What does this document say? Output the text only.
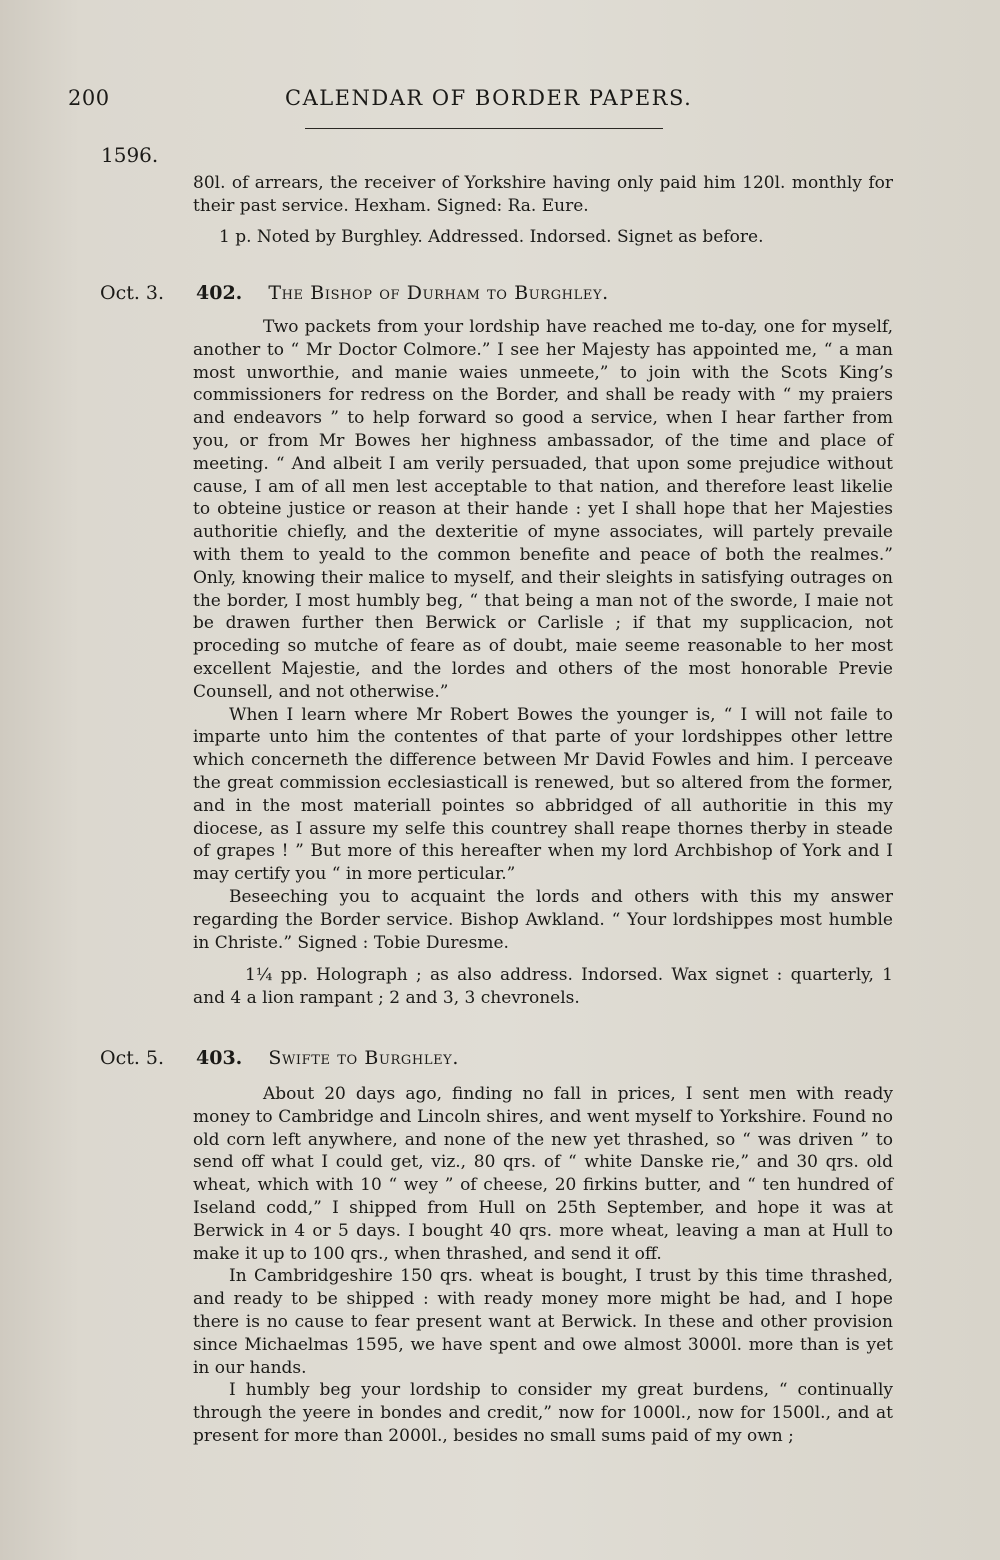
200	CALENDAR OF BORDER PAPERS.
1596.

80l. of arrears, the receiver of Yorkshire having only paid him 120l. monthly for their past service. Hexham. Signed: Ra. Eure.

1 p. Noted by Burghley. Addressed. Indorsed. Signet as before.

Oct. 3. 402. The Bishop of Durham to Burghley.

Two packets from your lordship have reached me to-day, one for myself, another to “ Mr Doctor Colmore.” I see her Majesty has appointed me, “ a man most unworthie, and manie waies unmeete,” to join with the Scots King’s commissioners for redress on the Border, and shall be ready with “ my praiers and endeavors ” to help forward so good a service, when I hear farther from you, or from Mr Bowes her highness ambassador, of the time and place of meeting. “ And albeit I am verily persuaded, that upon some prejudice without cause, I am of all men lest acceptable to that nation, and therefore least likelie to obteine justice or reason at their hande : yet I shall hope that her Majesties authoritie chiefly, and the dexteritie of myne associates, will partely prevaile with them to yeald to the common benefite and peace of both the realmes.” Only, knowing their malice to myself, and their sleights in satisfying outrages on the border, I most humbly beg, “ that being a man not of the sworde, I maie not be drawen further then Berwick or Carlisle ; if that my supplicacion, not proceding so mutche of feare as of doubt, maie seeme reasonable to her most excellent Majestie, and the lordes and others of the most honorable Previe Counsell, and not otherwise.”

When I learn where Mr Robert Bowes the younger is, “ I will not faile to imparte unto him the contentes of that parte of your lordshippes other lettre which concerneth the difference between Mr David Fowles and him. I perceave the great commission ecclesiasticall is renewed, but so altered from the former, and in the most materiall pointes so abbridged of all authoritie in this my diocese, as I assure my selfe this countrey shall reape thornes therby in steade of grapes ! ” But more of this hereafter when my lord Archbishop of York and I may certify you “ in more perticular.”

Beseeching you to acquaint the lords and others with this my answer regarding the Border service. Bishop Awkland. “ Your lordshippes most humble in Christe.” Signed : Tobie Duresme.

1¼ pp. Holograph ; as also address. Indorsed. Wax signet : quarterly, 1 and 4 a lion rampant ; 2 and 3, 3 chevronels.

Oct. 5. 403. Swifte to Burghley.

About 20 days ago, finding no fall in prices, I sent men with ready money to Cambridge and Lincoln shires, and went myself to Yorkshire. Found no old corn left anywhere, and none of the new yet thrashed, so “ was driven ” to send off what I could get, viz., 80 qrs. of “ white Danske rie,” and 30 qrs. old wheat, which with 10 “ wey ” of cheese, 20 firkins butter, and “ ten hundred of Iseland codd,” I shipped from Hull on 25th September, and hope it was at Berwick in 4 or 5 days. I bought 40 qrs. more wheat, leaving a man at Hull to make it up to 100 qrs., when thrashed, and send it off.

In Cambridgeshire 150 qrs. wheat is bought, I trust by this time thrashed, and ready to be shipped : with ready money more might be had, and I hope there is no cause to fear present want at Berwick. In these and other provision since Michaelmas 1595, we have spent and owe almost 3000l. more than is yet in our hands.

I humbly beg your lordship to consider my great burdens, “ continually through the yeere in bondes and credit,” now for 1000l., now for 1500l., and at present for more than 2000l., besides no small sums paid of my own ;
